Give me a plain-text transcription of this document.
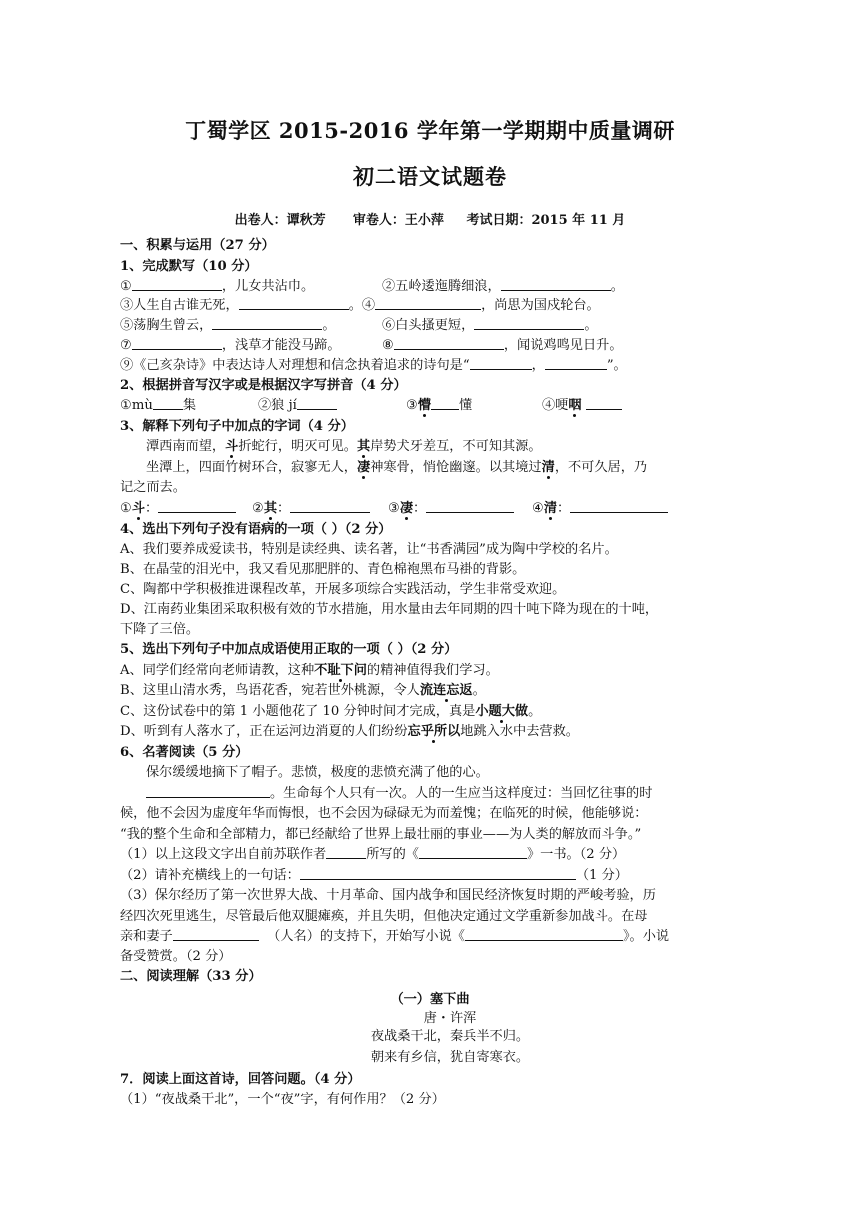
丁蜀学区 2015-2016 学年第一学期期中质量调研
初二语文试题卷
出卷人：谭秋芳      审卷人：王小萍     考试日期：2015 年 11 月
一、积累与运用（27 分）
1、完成默写（10 分）
①	，儿女共沾巾。	②五岭逶迤腾细浪，	。
③人生自古谁无死，	。④	，尚思为国戍轮台。
⑤荡胸生曾云，	。	⑥白头搔更短，	。
⑦	，浅草才能没马蹄。	⑧	，闻说鸡鸣见日升。
⑨《己亥杂诗》中表达诗人对理想和信念执着追求的诗句是“	，	”。
2、根据拼音写汉字或是根据汉字写拼音（4 分）
①mù 集	②狼 jí	③懵 懂	④哽咽
3、解释下列句子中加点的字词（4 分）
潭西南而望，斗折蛇行，明灭可见。其岸势犬牙差互，不可知其源。
坐潭上，四面竹树环合，寂寥无人，凄神寒骨，悄怆幽邃。以其境过清，不可久居，乃
记之而去。
①斗：	②其：	③凄：	④清：
4、选出下列句子没有语病的一项（ ）（2 分）
A、我们要养成爱读书，特别是读经典、读名著，让“书香满园”成为陶中学校的名片。
B、在晶莹的泪光中，我又看见那肥胖的、青色棉袍黑布马褂的背影。
C、陶都中学积极推进课程改革，开展多项综合实践活动，学生非常受欢迎。
D、江南药业集团采取积极有效的节水措施，用水量由去年同期的四十吨下降为现在的十吨，
下降了三倍。
5、选出下列句子中加点成语使用正取的一项（ ）（2 分）
A、同学们经常向老师请教，这种不耻下问的精神值得我们学习。
B、这里山清水秀，鸟语花香，宛若世外桃源，令人流连忘返。
C、这份试卷中的第 1 小题他花了 10 分钟时间才完成，真是小题大做。
D、听到有人落水了，正在运河边消夏的人们纷纷忘乎所以地跳入水中去营救。
6、名著阅读（5 分）
保尔缓缓地摘下了帽子。悲愤，极度的悲愤充满了他的心。
。生命每个人只有一次。人的一生应当这样度过：当回忆往事的时
候，他不会因为虚度年华而悔恨，也不会因为碌碌无为而羞愧；在临死的时候，他能够说：
“我的整个生命和全部精力，都已经献给了世界上最壮丽的事业——为人类的解放而斗争。”
（1）以上这段文字出自前苏联作者	所写的《	》一书。（2 分）
（2）请补充横线上的一句话：	（1 分）
（3）保尔经历了第一次世界大战、十月革命、国内战争和国民经济恢复时期的严峻考验，历
经四次死里逃生，尽管最后他双腿瘫痪，并且失明，但他决定通过文学重新参加战斗。在母
亲和妻子	（人名）的支持下，开始写小说《	》。小说
备受赞赏。（2 分）
二、阅读理解（33 分）
（一）塞下曲
唐・许浑
夜战桑干北，秦兵半不归。
朝来有乡信，犹自寄寒衣。
7．阅读上面这首诗，回答问题。（4 分）
（1）“夜战桑干北”，一个“夜”字，有何作用？（2 分）
